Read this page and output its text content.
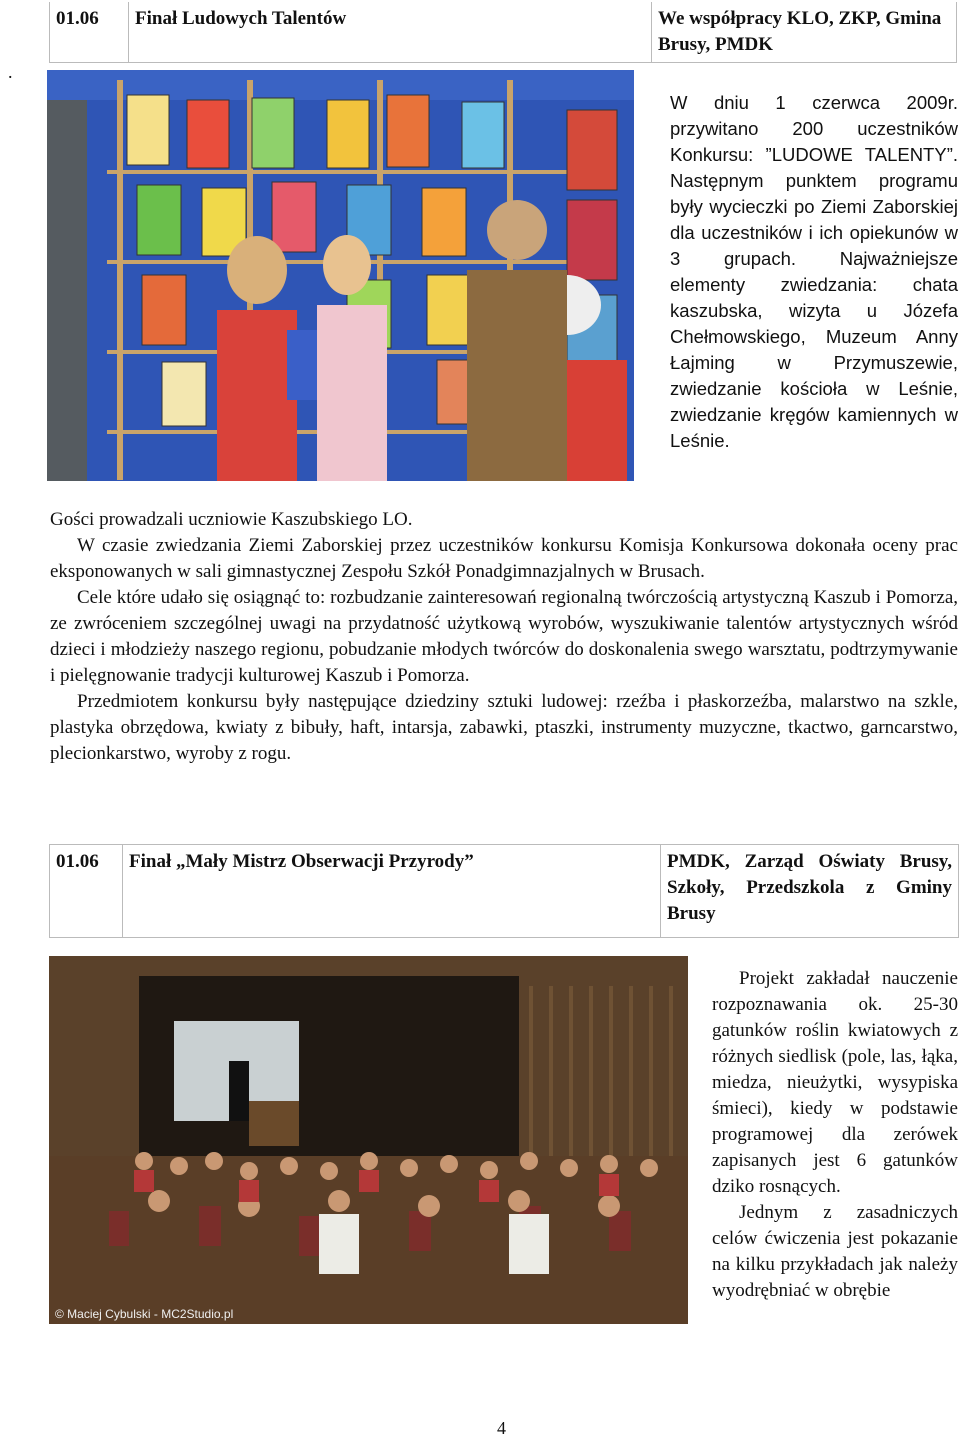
.
01.06	Finał Ludowych Talentów	We współpracy KLO, ZKP, Gmina Brusy, PMDK

W dniu 1 czerwca 2009r. przywitano 200 uczestników Konkursu: ”LUDOWE TALENTY”. Następnym punktem programu były wycieczki po Ziemi Zaborskiej dla uczestników i ich opiekunów w 3 grupach. Najważniejsze elementy zwiedzania: chata kaszubska, wizyta u Józefa Chełmowskiego, Muzeum Anny Łajming w Przymuszewie, zwiedzanie kościoła w Leśnie, zwiedzanie kręgów kamiennych w Leśnie.

Gości prowadzali uczniowie Kaszubskiego LO.

W czasie zwiedzania Ziemi Zaborskiej przez uczestników konkursu Komisja Konkursowa dokonała oceny prac eksponowanych w sali gimnastycznej Zespołu Szkół Ponadgimnazjalnych w Brusach.

Cele które udało się osiągnąć to: rozbudzanie zainteresowań regionalną twórczością artystyczną Kaszub i Pomorza, ze zwróceniem szczególnej uwagi na przydatność użytkową wyrobów, wyszukiwanie talentów artystycznych wśród dzieci i młodzieży naszego regionu, pobudzanie młodych twórców do doskonalenia swego warsztatu, podtrzymywanie i pielęgnowanie tradycji kulturowej Kaszub i Pomorza.

Przedmiotem konkursu były następujące dziedziny sztuki ludowej: rzeźba i płaskorzeźba, malarstwo na szkle, plastyka obrzędowa, kwiaty z bibuły, haft, intarsja, zabawki, ptaszki, instrumenty muzyczne, tkactwo, garncarstwo, plecionkarstwo, wyroby z rogu.

01.06	Finał „Mały Mistrz Obserwacji Przyrody”	PMDK, Zarząd Oświaty Brusy, Szkoły, Przedszkola z Gminy Brusy
© Maciej Cybulski - MC2Studio.pl

Projekt zakładał nauczenie rozpoznawania ok. 25-30 gatunków roślin kwiatowych z różnych siedlisk (pole, las, łąka, miedza, nieużytki, wysypiska śmieci), kiedy w podstawie programowej dla zerówek zapisanych jest 6 gatunków dziko rosnących.

Jednym z zasadniczych celów ćwiczenia jest pokazanie na kilku przykładach jak należy wyodrębniać w obrębie

4
